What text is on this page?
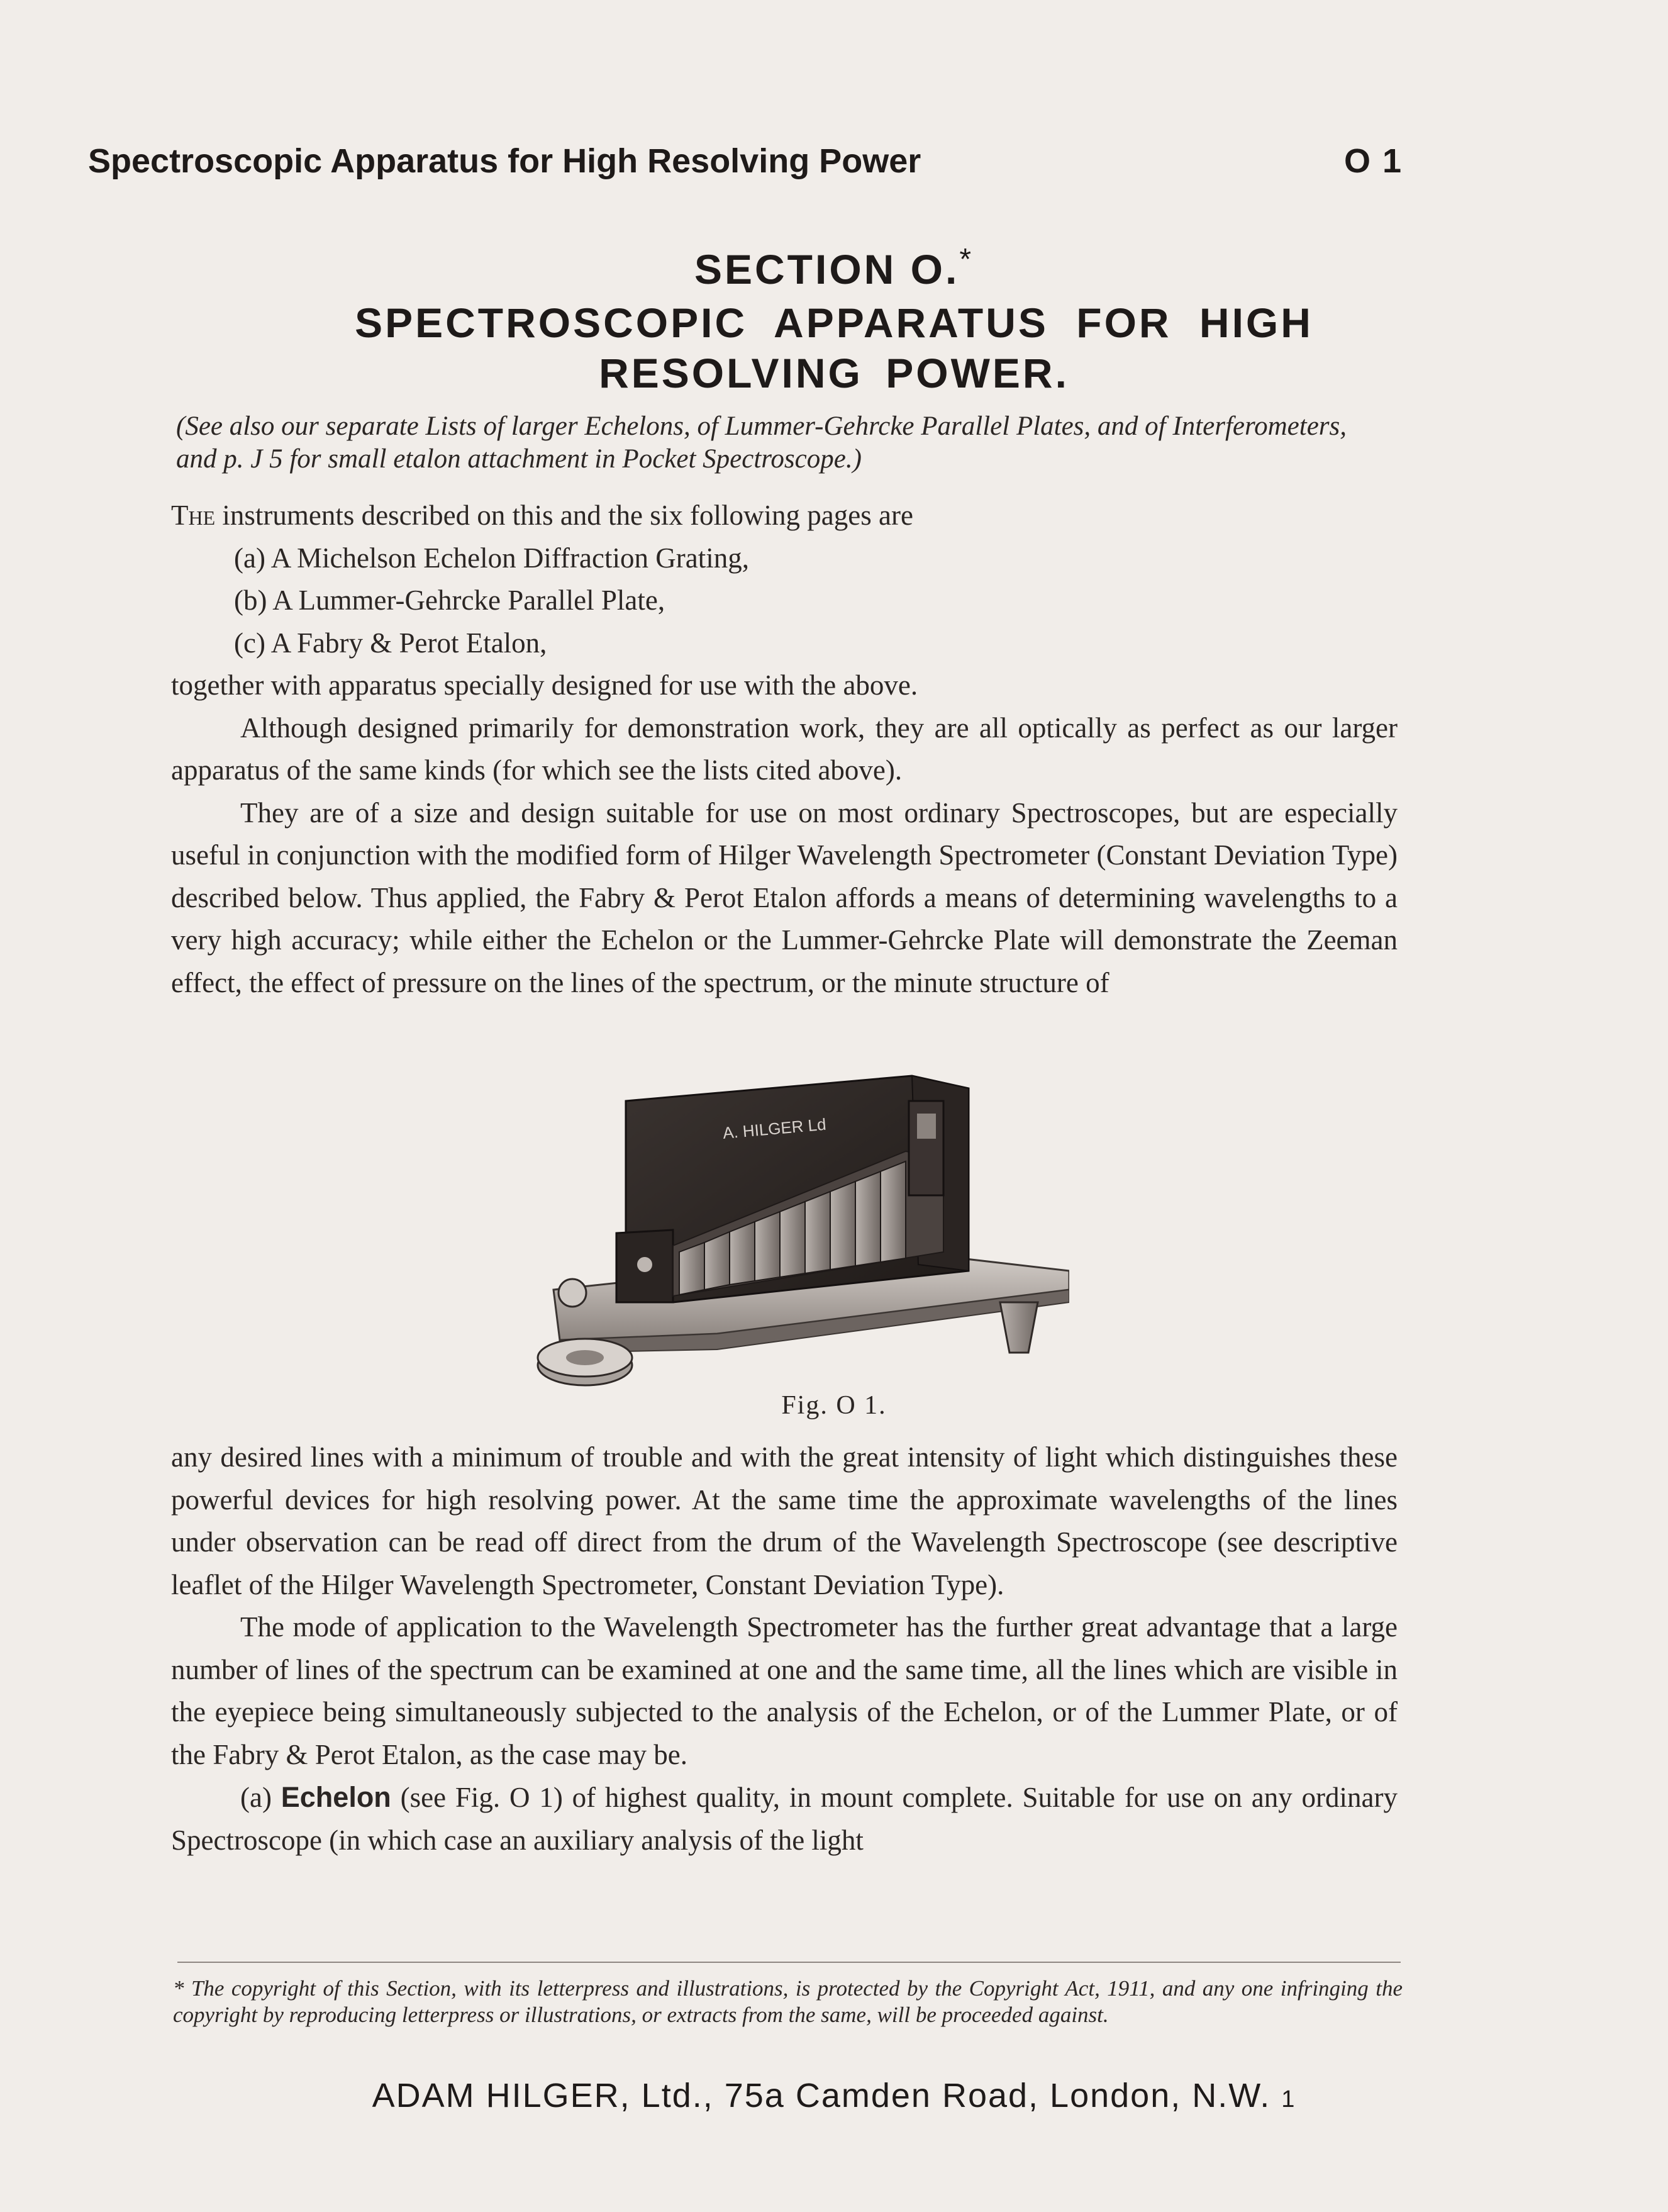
Spectroscopic Apparatus for High Resolving Power	O 1
SECTION O.*
SPECTROSCOPIC APPARATUS FOR HIGH
RESOLVING POWER.
(See also our separate Lists of larger Echelons, of Lummer-Gehrcke Parallel Plates, and of Interferometers, and p. J 5 for small etalon attachment in Pocket Spectroscope.)

The instruments described on this and the six following pages are

(a) A Michelson Echelon Diffraction Grating,

(b) A Lummer-Gehrcke Parallel Plate,

(c) A Fabry & Perot Etalon,

together with apparatus specially designed for use with the above.

Although designed primarily for demonstration work, they are all optically as perfect as our larger apparatus of the same kinds (for which see the lists cited above).

They are of a size and design suitable for use on most ordinary Spectroscopes, but are especially useful in conjunction with the modified form of Hilger Wavelength Spectrometer (Constant Deviation Type) described below. Thus applied, the Fabry & Perot Etalon affords a means of determining wavelengths to a very high accuracy; while either the Echelon or the Lummer-Gehrcke Plate will demonstrate the Zeeman effect, the effect of pressure on the lines of the spectrum, or the minute structure of

A. HILGER Ld
Fig. O 1.

any desired lines with a minimum of trouble and with the great intensity of light which distinguishes these powerful devices for high resolving power. At the same time the approximate wavelengths of the lines under observation can be read off direct from the drum of the Wavelength Spectroscope (see descriptive leaflet of the Hilger Wavelength Spectrometer, Constant Deviation Type).

The mode of application to the Wavelength Spectrometer has the further great advantage that a large number of lines of the spectrum can be examined at one and the same time, all the lines which are visible in the eyepiece being simultaneously subjected to the analysis of the Echelon, or of the Lummer Plate, or of the Fabry & Perot Etalon, as the case may be.

(a) Echelon (see Fig. O 1) of highest quality, in mount complete. Suitable for use on any ordinary Spectroscope (in which case an auxiliary analysis of the light

* The copyright of this Section, with its letterpress and illustrations, is protected by the Copyright Act, 1911, and any one infringing the copyright by reproducing letterpress or illustrations, or extracts from the same, will be proceeded against.
ADAM HILGER, Ltd., 75a Camden Road, London, N.W. 1
